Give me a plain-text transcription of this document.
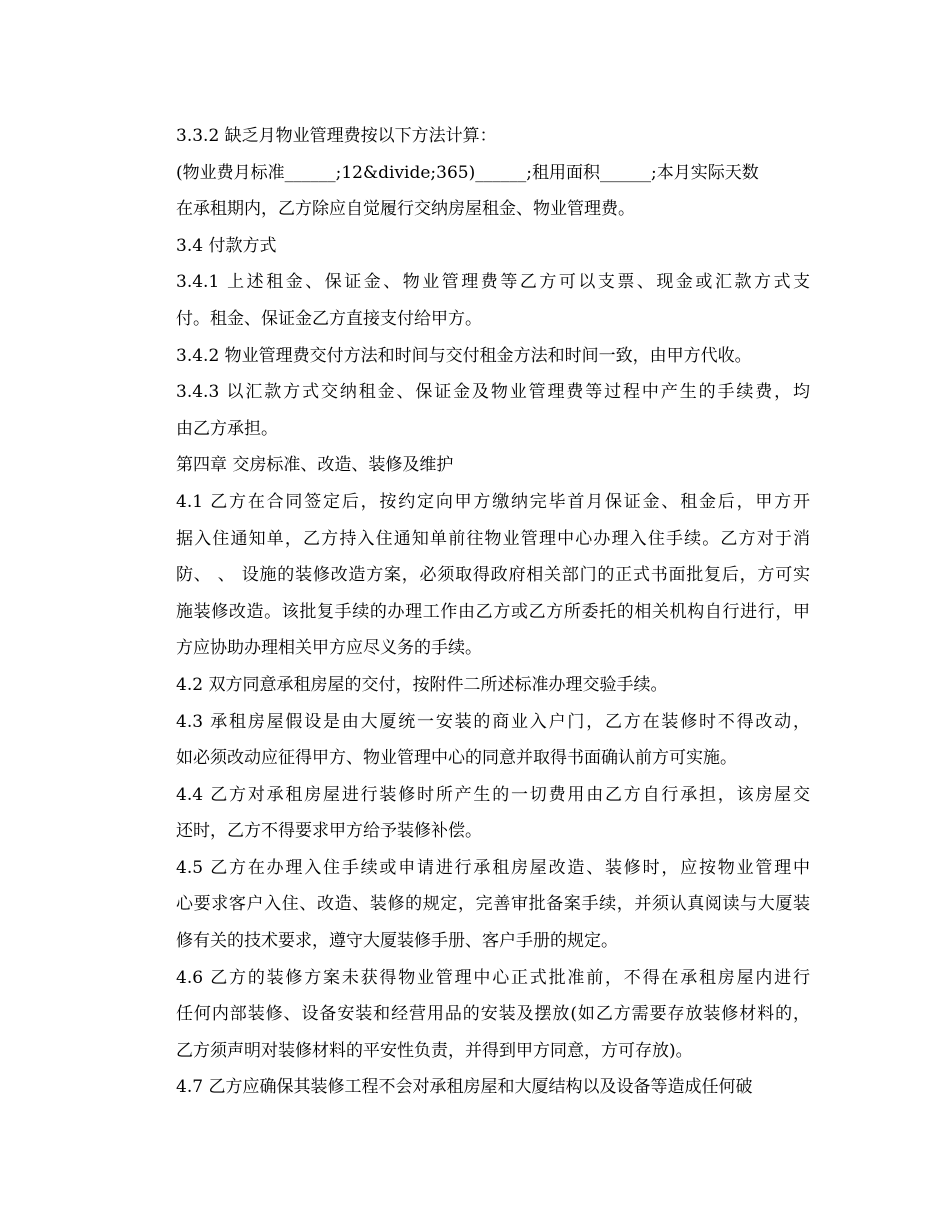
3.3.2 缺乏月物业管理费按以下方法计算：
(物业费月标准______;12&divide;365)______;租用面积______;本月实际天数
在承租期内，乙方除应自觉履行交纳房屋租金、物业管理费。
3.4 付款方式
3.4.1 上述租金、保证金、物业管理费等乙方可以支票、现金或汇款方式支
付。租金、保证金乙方直接支付给甲方。
3.4.2 物业管理费交付方法和时间与交付租金方法和时间一致，由甲方代收。
3.4.3 以汇款方式交纳租金、保证金及物业管理费等过程中产生的手续费，均
由乙方承担。
第四章 交房标准、改造、装修及维护
4.1 乙方在合同签定后，按约定向甲方缴纳完毕首月保证金、租金后，甲方开
据入住通知单，乙方持入住通知单前往物业管理中心办理入住手续。乙方对于消
防、 、 设施的装修改造方案，必须取得政府相关部门的正式书面批复后，方可实
施装修改造。该批复手续的办理工作由乙方或乙方所委托的相关机构自行进行，甲
方应协助办理相关甲方应尽义务的手续。
4.2 双方同意承租房屋的交付，按附件二所述标准办理交验手续。
4.3 承租房屋假设是由大厦统一安装的商业入户门，乙方在装修时不得改动，
如必须改动应征得甲方、物业管理中心的同意并取得书面确认前方可实施。
4.4 乙方对承租房屋进行装修时所产生的一切费用由乙方自行承担，该房屋交
还时，乙方不得要求甲方给予装修补偿。
4.5 乙方在办理入住手续或申请进行承租房屋改造、装修时，应按物业管理中
心要求客户入住、改造、装修的规定，完善审批备案手续，并须认真阅读与大厦装
修有关的技术要求，遵守大厦装修手册、客户手册的规定。
4.6 乙方的装修方案未获得物业管理中心正式批准前，不得在承租房屋内进行
任何内部装修、设备安装和经营用品的安装及摆放(如乙方需要存放装修材料的，
乙方须声明对装修材料的平安性负责，并得到甲方同意，方可存放)。
4.7 乙方应确保其装修工程不会对承租房屋和大厦结构以及设备等造成任何破
